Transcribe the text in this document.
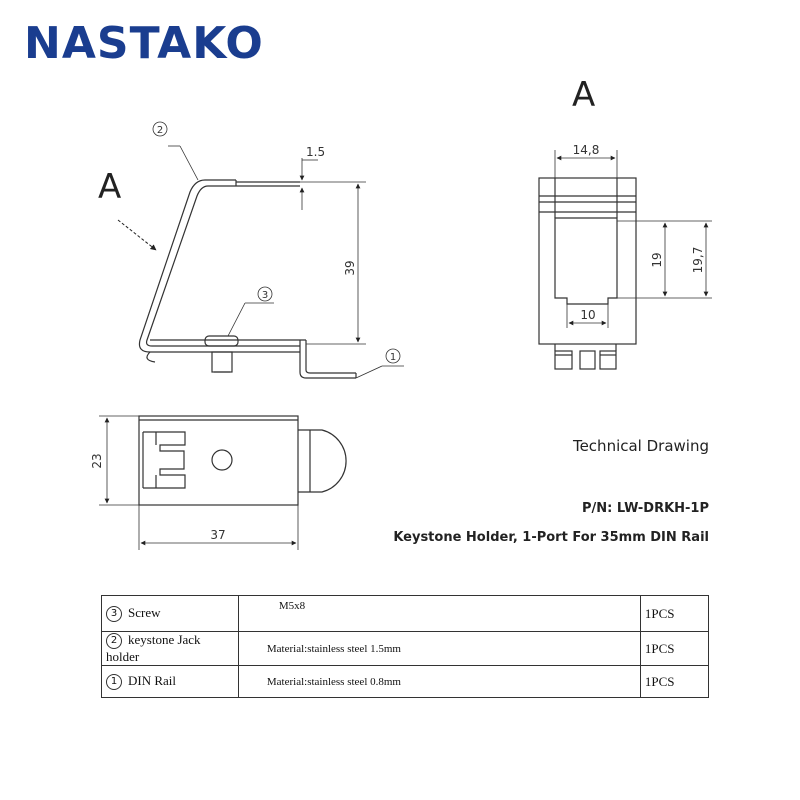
NASTAKO
1.5
39
A
2
3
1
A
14,8
19 19,7
10
23
37
Technical Drawing
P/N: LW-DRKH-1P
Keystone Holder, 1-Port For 35mm DIN Rail
3 Screw	M5x8	1PCS
2 keystone Jack holder	Material:stainless steel 1.5mm	1PCS
1 DIN Rail	Material:stainless steel 0.8mm	1PCS
